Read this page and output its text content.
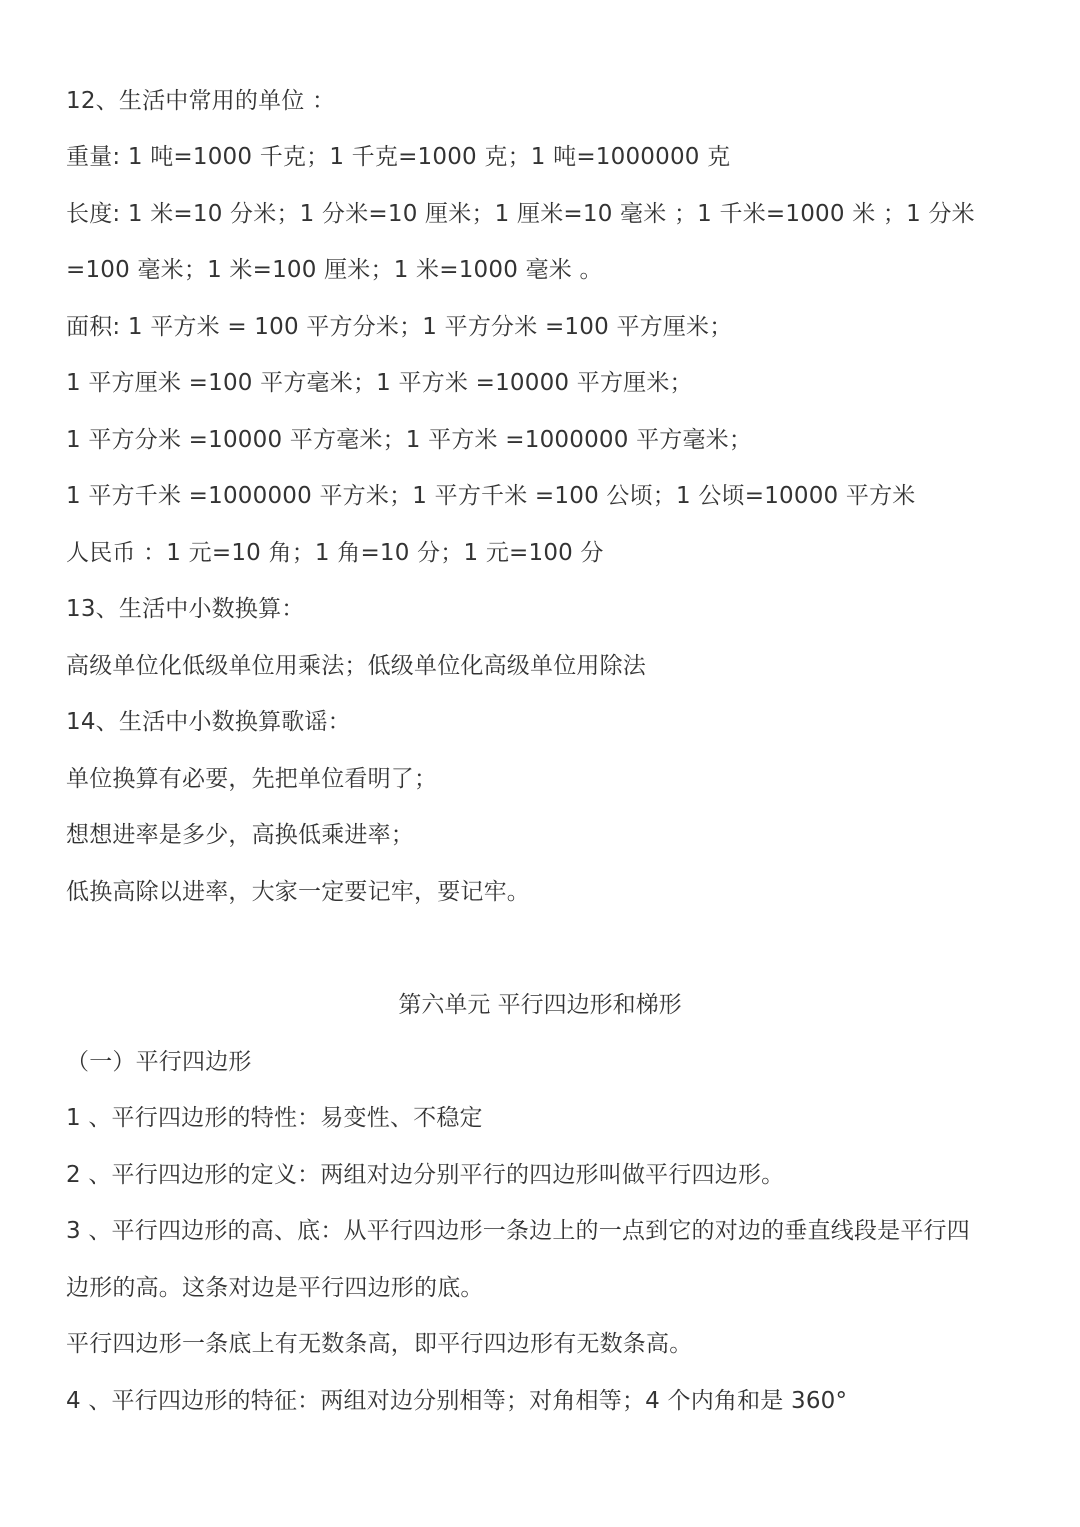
12、生活中常用的单位 ：
重量: 1 吨=1000 千克；1 千克=1000 克；1 吨=1000000 克
长度: 1 米=10 分米；1 分米=10 厘米；1 厘米=10 毫米 ；1 千米=1000 米 ；1 分米
=100 毫米；1 米=100 厘米；1 米=1000 毫米 。
面积: 1 平方米 = 100 平方分米；1 平方分米 =100 平方厘米；
1 平方厘米 =100 平方毫米；1 平方米 =10000 平方厘米；
1 平方分米 =10000 平方毫米；1 平方米 =1000000 平方毫米；
1 平方千米 =1000000 平方米；1 平方千米 =100 公顷；1 公顷=10000 平方米
人民币 ：1 元=10 角；1 角=10 分；1 元=100 分
13、生活中小数换算：
高级单位化低级单位用乘法；低级单位化高级单位用除法
14、生活中小数换算歌谣：
单位换算有必要，先把单位看明了；
想想进率是多少，高换低乘进率；
低换高除以进率，大家一定要记牢，要记牢。
第六单元 平行四边形和梯形
（一）平行四边形
1 、平行四边形的特性：易变性、不稳定
2 、平行四边形的定义：两组对边分别平行的四边形叫做平行四边形。
3 、平行四边形的高、底：从平行四边形一条边上的一点到它的对边的垂直线段是平行四
边形的高。这条对边是平行四边形的底。
平行四边形一条底上有无数条高，即平行四边形有无数条高。
4 、平行四边形的特征：两组对边分别相等；对角相等；4 个内角和是 360°
